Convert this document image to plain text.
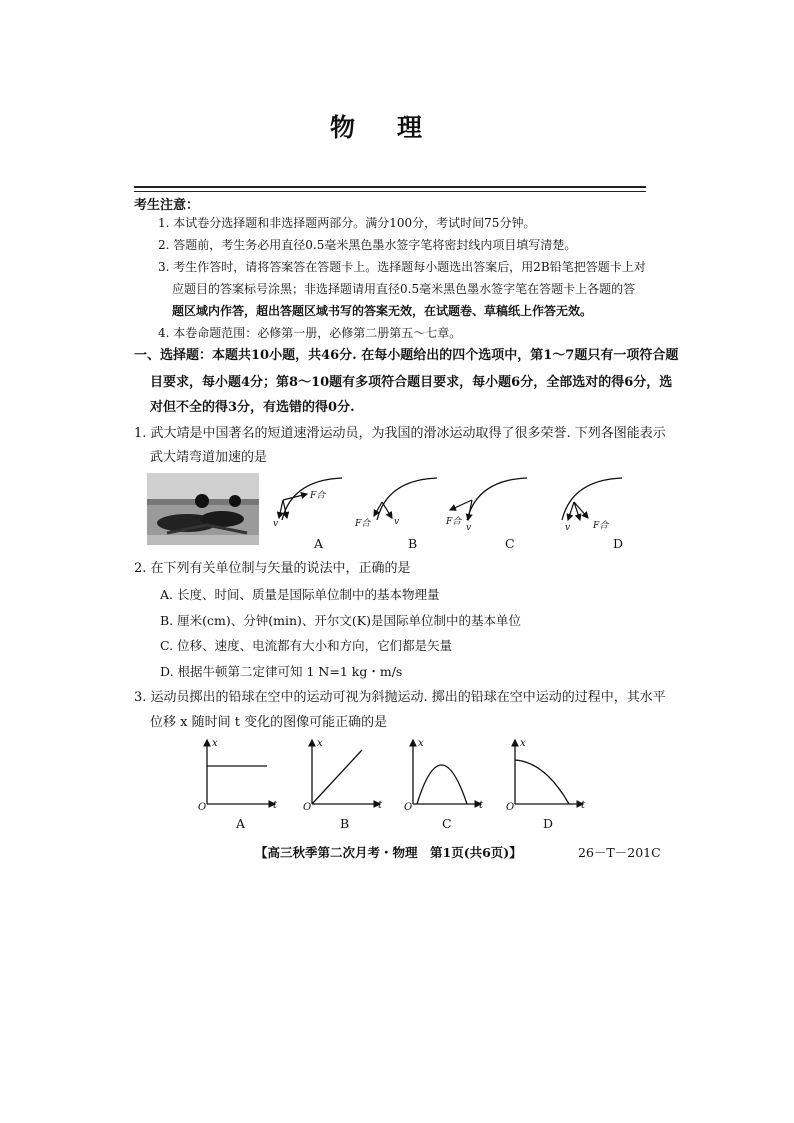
物理
考生注意：
1. 本试卷分选择题和非选择题两部分。满分100分，考试时间75分钟。
2. 答题前，考生务必用直径0.5毫米黑色墨水签字笔将密封线内项目填写清楚。
3. 考生作答时，请将答案答在答题卡上。选择题每小题选出答案后，用2B铅笔把答题卡上对
应题目的答案标号涂黑；非选择题请用直径0.5毫米黑色墨水签字笔在答题卡上各题的答
题区域内作答，超出答题区域书写的答案无效，在试题卷、草稿纸上作答无效。
4. 本卷命题范围：必修第一册，必修第二册第五～七章。
一、选择题：本题共10小题，共46分. 在每小题给出的四个选项中，第1～7题只有一项符合题
目要求，每小题4分；第8～10题有多项符合题目要求，每小题6分，全部选对的得6分，选
对但不全的得3分，有选错的得0分.
1. 武大靖是中国著名的短道速滑运动员，为我国的滑冰运动取得了很多荣誉. 下列各图能表示
武大靖弯道加速的是
F合
v	F合	v	F合
v	v	F合
A	B	C	D
2. 在下列有关单位制与矢量的说法中，正确的是
A. 长度、时间、质量是国际单位制中的基本物理量
B. 厘米(cm)、分钟(min)、开尔文(K)是国际单位制中的基本单位
C. 位移、速度、电流都有大小和方向，它们都是矢量
D. 根据牛顿第二定律可知 1 N=1 kg・m/s
3. 运动员掷出的铅球在空中的运动可视为斜抛运动. 掷出的铅球在空中运动的过程中，其水平
位移 x 随时间 t 变化的图像可能正确的是
x
O	t
x
O	t
x
O	t
x
O	t
A	B	C	D
【高三秋季第二次月考・物理　第1页(共6页)】	26－T－201C
